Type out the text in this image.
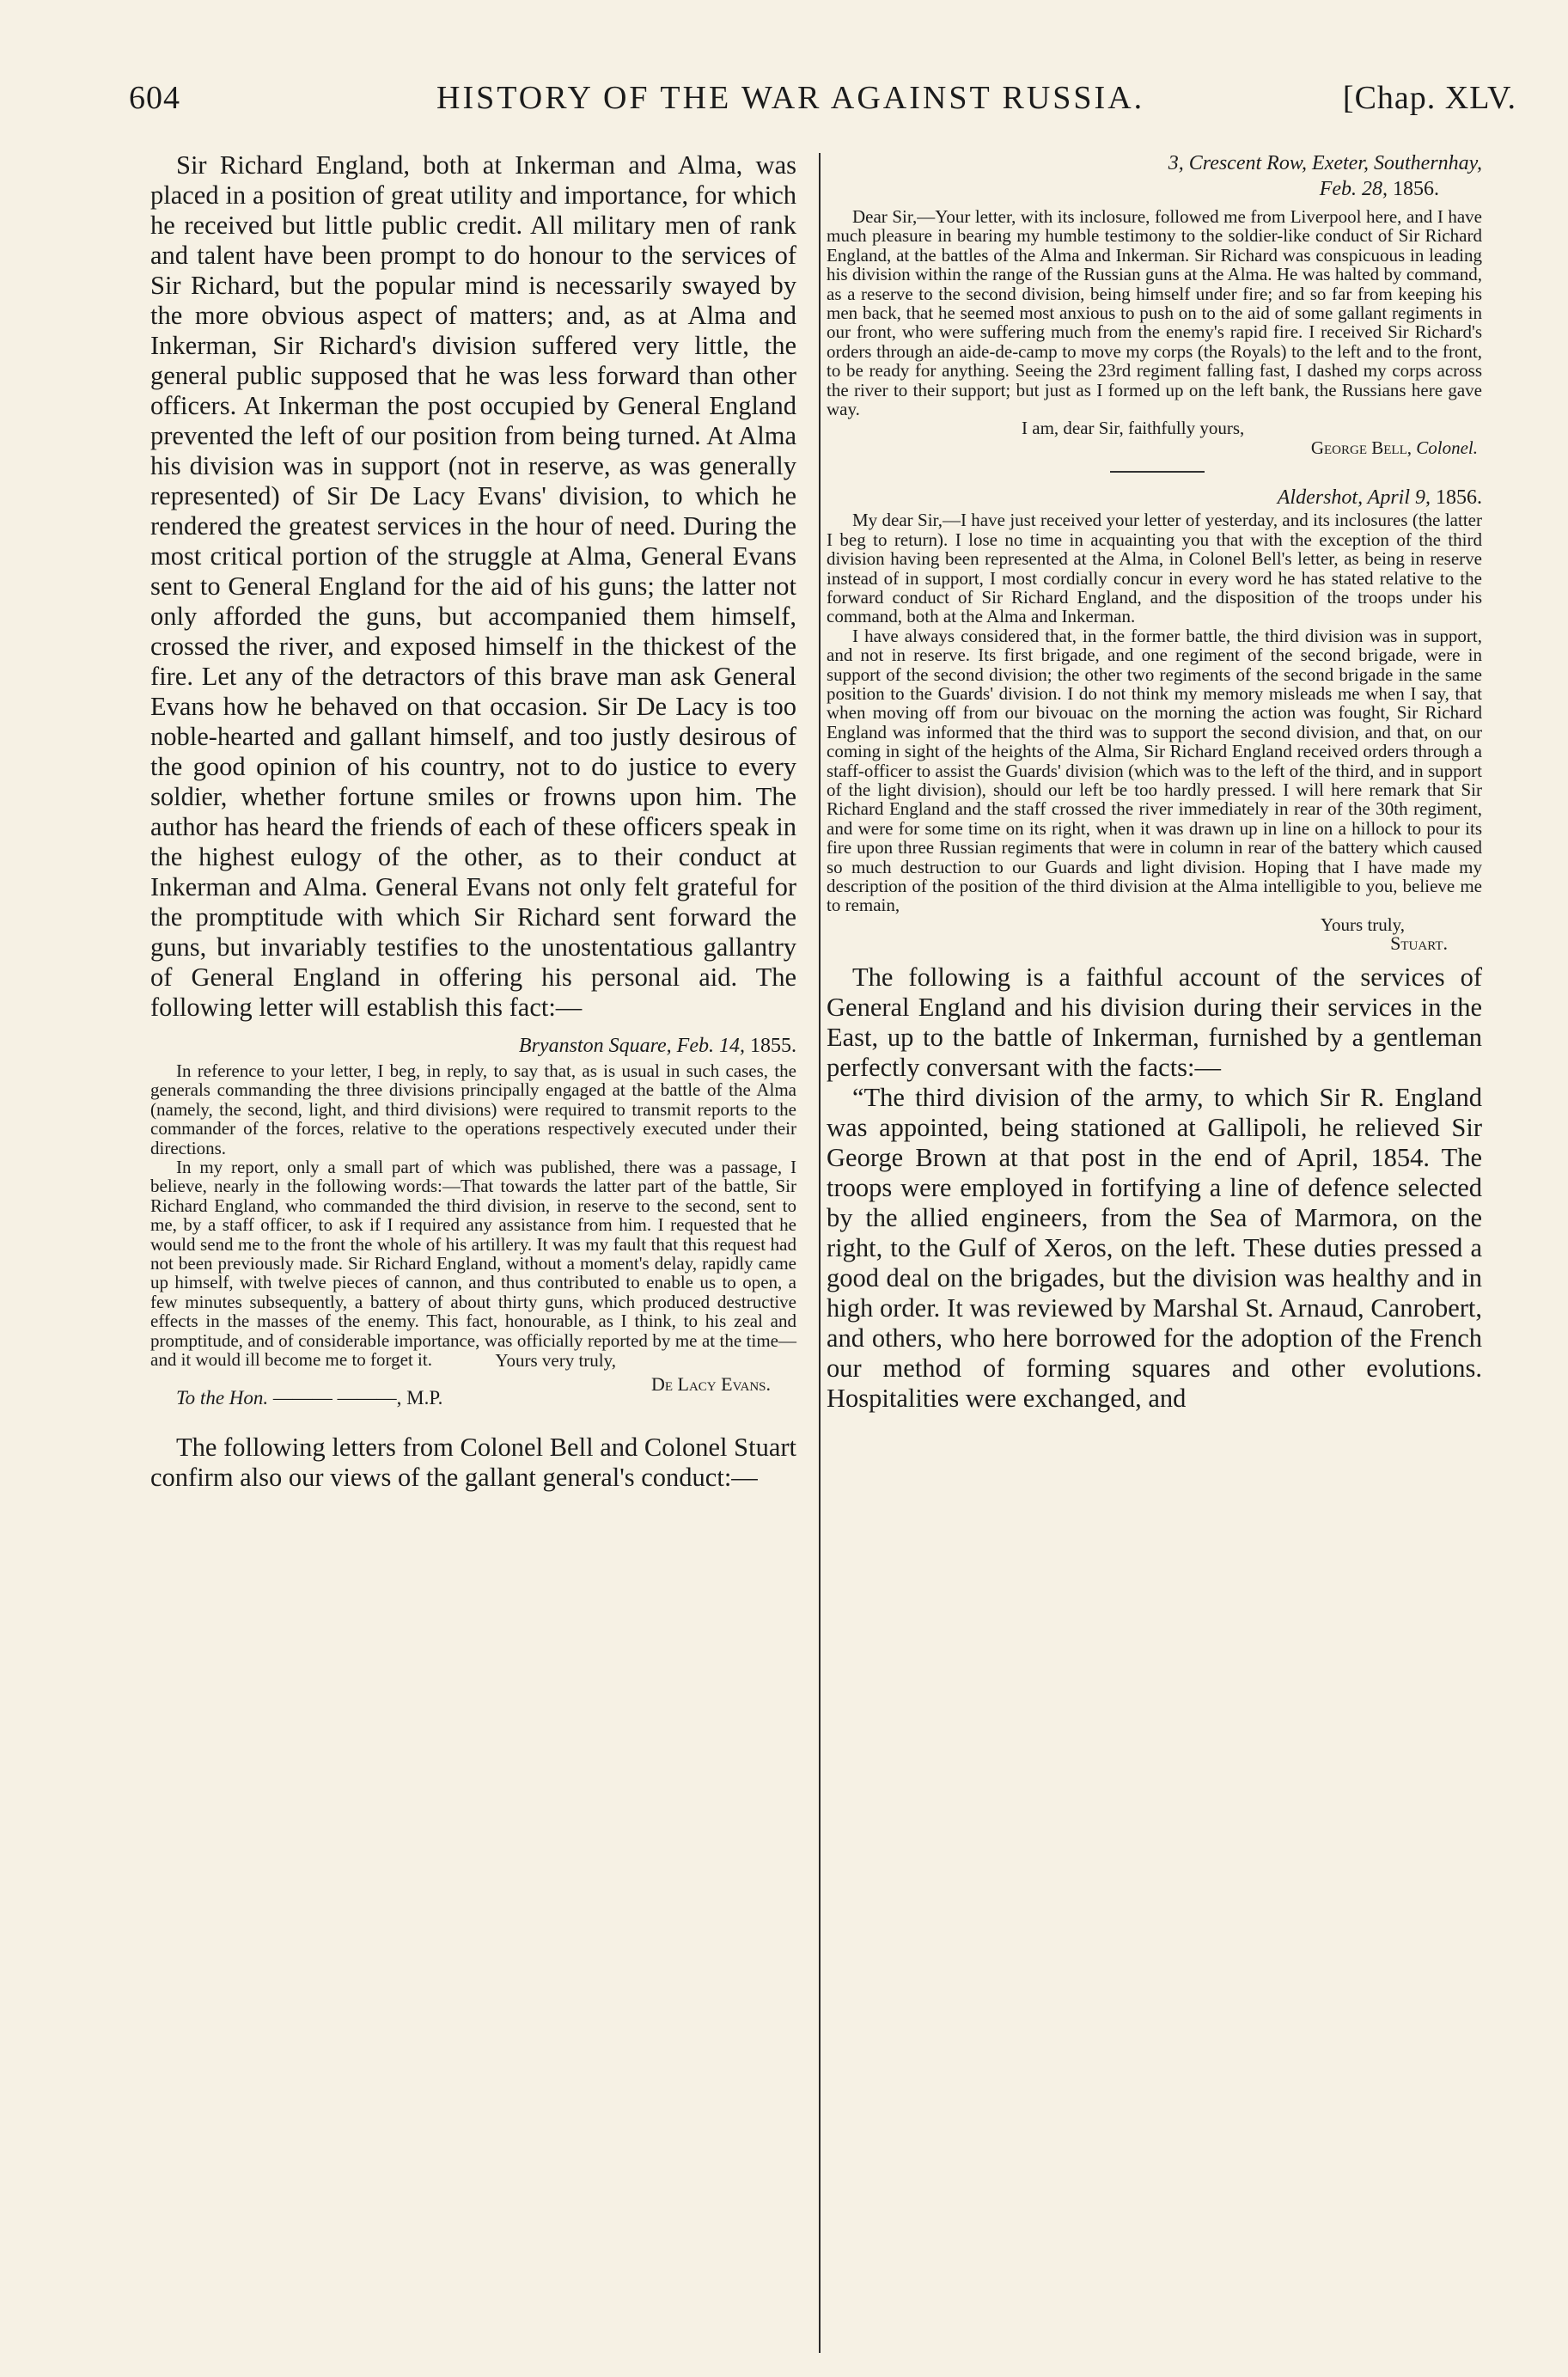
604	HISTORY OF THE WAR AGAINST RUSSIA.	[Chap. XLV.

Sir Richard England, both at Inkerman and Alma, was placed in a position of great utility and importance, for which he received but little public credit. All military men of rank and talent have been prompt to do honour to the services of Sir Richard, but the popular mind is necessarily swayed by the more obvious aspect of matters; and, as at Alma and Inkerman, Sir Richard's division suffered very little, the general public supposed that he was less forward than other officers. At Inkerman the post occupied by General England prevented the left of our position from being turned. At Alma his division was in support (not in reserve, as was generally represented) of Sir De Lacy Evans' division, to which he rendered the greatest services in the hour of need. During the most critical portion of the struggle at Alma, General Evans sent to General England for the aid of his guns; the latter not only afforded the guns, but accompanied them himself, crossed the river, and exposed himself in the thickest of the fire. Let any of the detractors of this brave man ask General Evans how he behaved on that occasion. Sir De Lacy is too noble-hearted and gallant himself, and too justly desirous of the good opinion of his country, not to do justice to every soldier, whether fortune smiles or frowns upon him. The author has heard the friends of each of these officers speak in the highest eulogy of the other, as to their conduct at Inkerman and Alma. General Evans not only felt grateful for the promptitude with which Sir Richard sent forward the guns, but invariably testifies to the unostentatious gallantry of General England in offering his personal aid. The following letter will establish this fact:—

Bryanston Square, Feb. 14, 1855.

In reference to your letter, I beg, in reply, to say that, as is usual in such cases, the generals commanding the three divisions principally engaged at the battle of the Alma (namely, the second, light, and third divisions) were required to transmit reports to the commander of the forces, relative to the operations respectively executed under their directions.

In my report, only a small part of which was published, there was a passage, I believe, nearly in the following words:—That towards the latter part of the battle, Sir Richard England, who commanded the third division, in reserve to the second, sent to me, by a staff officer, to ask if I required any assistance from him. I requested that he would send me to the front the whole of his artillery. It was my fault that this request had not been previously made. Sir Richard England, without a moment's delay, rapidly came up himself, with twelve pieces of cannon, and thus contributed to enable us to open, a few minutes subsequently, a battery of about thirty guns, which produced destructive effects in the masses of the enemy. This fact, honourable, as I think, to his zeal and promptitude, and of considerable importance, was officially reported by me at the time—and it would ill become me to forget it.	Yours very truly,

De Lacy Evans.

To the Hon. ——— ———, M.P.

The following letters from Colonel Bell and Colonel Stuart confirm also our views of the gallant general's conduct:—

3, Crescent Row, Exeter, Southernhay,

Feb. 28, 1856.

Dear Sir,—Your letter, with its inclosure, followed me from Liverpool here, and I have much pleasure in bearing my humble testimony to the soldier-like conduct of Sir Richard England, at the battles of the Alma and Inkerman. Sir Richard was conspicuous in leading his division within the range of the Russian guns at the Alma. He was halted by command, as a reserve to the second division, being himself under fire; and so far from keeping his men back, that he seemed most anxious to push on to the aid of some gallant regiments in our front, who were suffering much from the enemy's rapid fire. I received Sir Richard's orders through an aide-de-camp to move my corps (the Royals) to the left and to the front, to be ready for anything. Seeing the 23rd regiment falling fast, I dashed my corps across the river to their support; but just as I formed up on the left bank, the Russians here gave way.

I am, dear Sir, faithfully yours,

George Bell, Colonel.

Aldershot, April 9, 1856.

My dear Sir,—I have just received your letter of yesterday, and its inclosures (the latter I beg to return). I lose no time in acquainting you that with the exception of the third division having been represented at the Alma, in Colonel Bell's letter, as being in reserve instead of in support, I most cordially concur in every word he has stated relative to the forward conduct of Sir Richard England, and the disposition of the troops under his command, both at the Alma and Inkerman.

I have always considered that, in the former battle, the third division was in support, and not in reserve. Its first brigade, and one regiment of the second brigade, were in support of the second division; the other two regiments of the second brigade in the same position to the Guards' division. I do not think my memory misleads me when I say, that when moving off from our bivouac on the morning the action was fought, Sir Richard England was informed that the third was to support the second division, and that, on our coming in sight of the heights of the Alma, Sir Richard England received orders through a staff-officer to assist the Guards' division (which was to the left of the third, and in support of the light division), should our left be too hardly pressed. I will here remark that Sir Richard England and the staff crossed the river immediately in rear of the 30th regiment, and were for some time on its right, when it was drawn up in line on a hillock to pour its fire upon three Russian regiments that were in column in rear of the battery which caused so much destruction to our Guards and light division. Hoping that I have made my description of the position of the third division at the Alma intelligible to you, believe me to remain,

Yours truly,

Stuart.

The following is a faithful account of the services of General England and his division during their services in the East, up to the battle of Inkerman, furnished by a gentleman perfectly conversant with the facts:—

“The third division of the army, to which Sir R. England was appointed, being stationed at Gallipoli, he relieved Sir George Brown at that post in the end of April, 1854. The troops were employed in fortifying a line of defence selected by the allied engineers, from the Sea of Marmora, on the right, to the Gulf of Xeros, on the left. These duties pressed a good deal on the brigades, but the division was healthy and in high order. It was reviewed by Marshal St. Arnaud, Canrobert, and others, who here borrowed for the adoption of the French our method of forming squares and other evolutions. Hospitalities were exchanged, and
